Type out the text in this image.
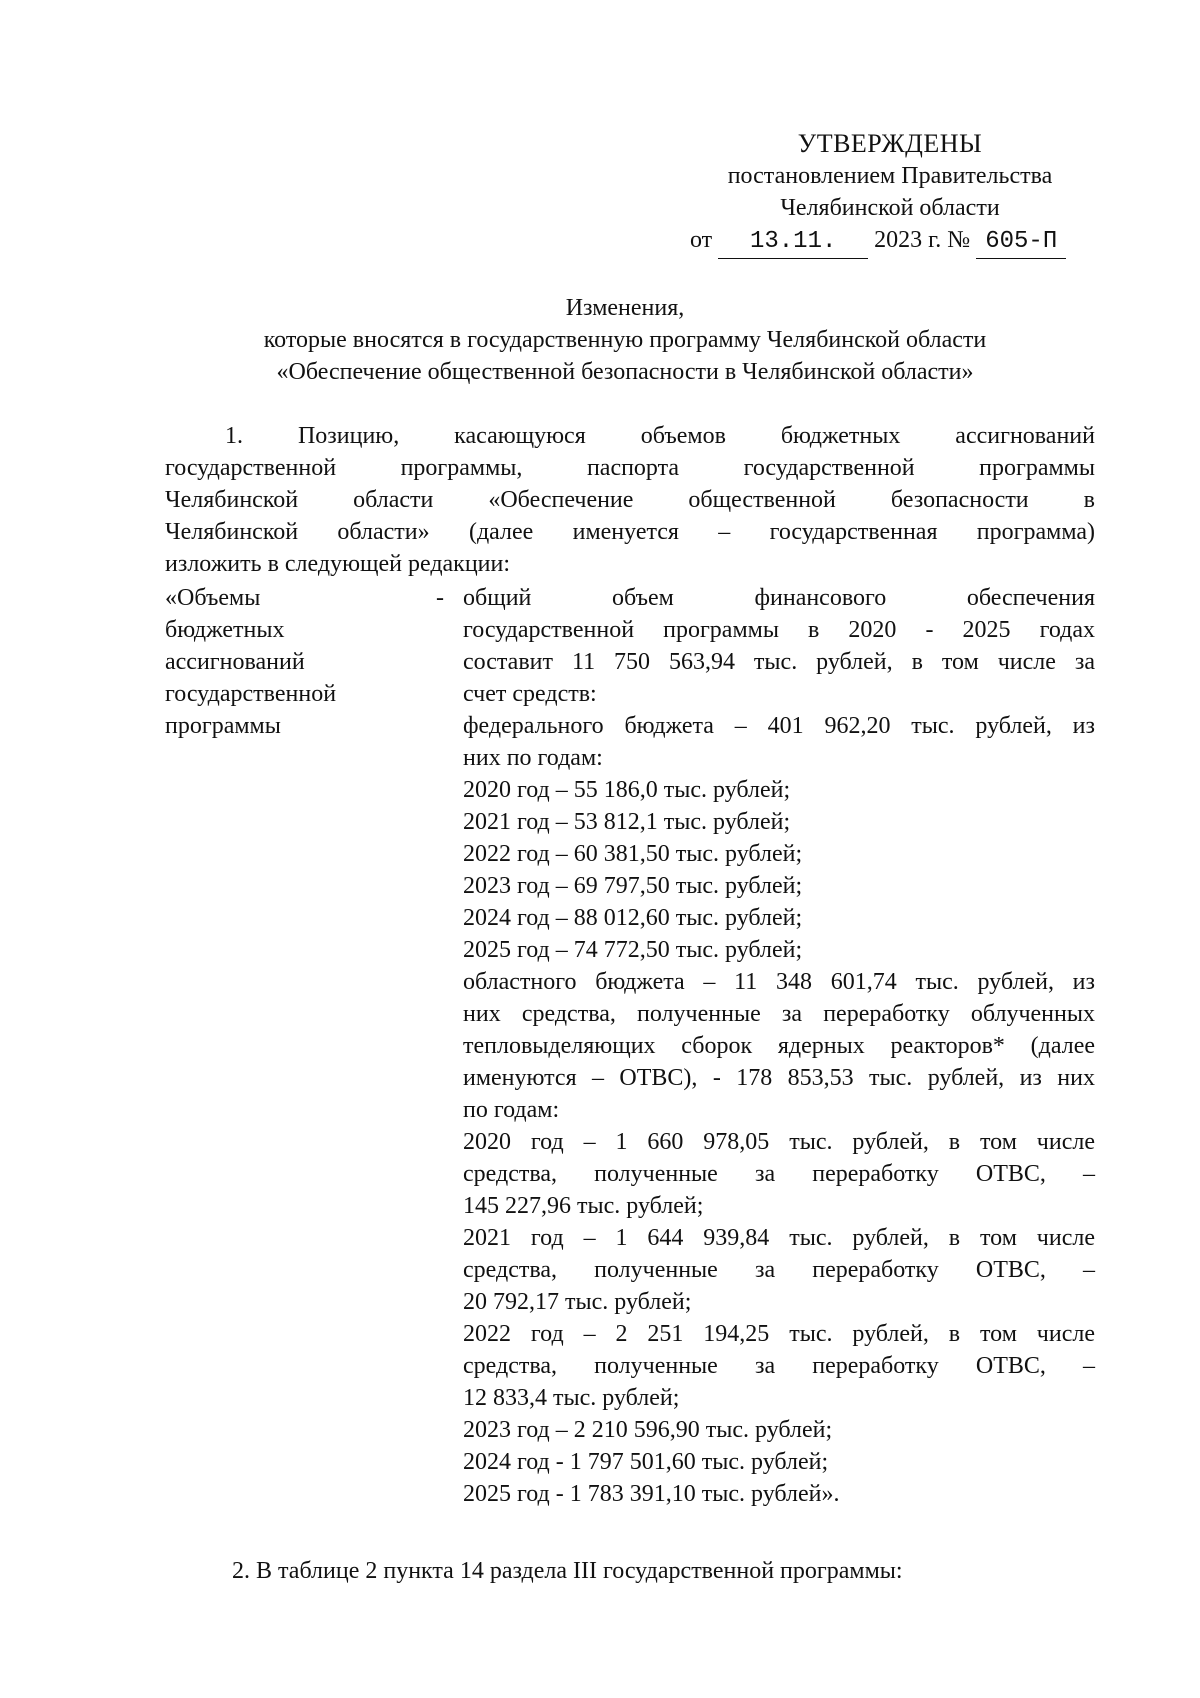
УТВЕРЖДЕНЫ
постановлением Правительства
Челябинской области
от 13.11. 2023 г. № 605-П
Изменения,
которые вносятся в государственную программу Челябинской области
«Обеспечение общественной безопасности в Челябинской области»
1. Позицию, касающуюся объемов бюджетных ассигнований
государственной программы, паспорта государственной программы
Челябинской области «Обеспечение общественной безопасности в
Челябинской области» (далее именуется – государственная программа)
изложить в следующей редакции:
«Объемы
бюджетных
ассигнований
государственной
программы
- общий объем финансового обеспечения
государственной программы в 2020 - 2025 годах
составит 11 750 563,94 тыс. рублей, в том числе за
счет средств:
федерального бюджета – 401 962,20 тыс. рублей, из
них по годам:
2020 год – 55 186,0 тыс. рублей;
2021 год – 53 812,1 тыс. рублей;
2022 год – 60 381,50 тыс. рублей;
2023 год – 69 797,50 тыс. рублей;
2024 год – 88 012,60 тыс. рублей;
2025 год – 74 772,50 тыс. рублей;
областного бюджета – 11 348 601,74 тыс. рублей, из
них средства, полученные за переработку облученных
тепловыделяющих сборок ядерных реакторов* (далее
именуются – ОТВС), - 178 853,53 тыс. рублей, из них
по годам:
2020 год – 1 660 978,05 тыс. рублей, в том числе
средства, полученные за переработку ОТВС, –
145 227,96 тыс. рублей;
2021 год – 1 644 939,84 тыс. рублей, в том числе
средства, полученные за переработку ОТВС, –
20 792,17 тыс. рублей;
2022 год – 2 251 194,25 тыс. рублей, в том числе
средства, полученные за переработку ОТВС, –
12 833,4 тыс. рублей;
2023 год – 2 210 596,90 тыс. рублей;
2024 год - 1 797 501,60 тыс. рублей;
2025 год - 1 783 391,10 тыс. рублей».
2. В таблице 2 пункта 14 раздела III государственной программы:
